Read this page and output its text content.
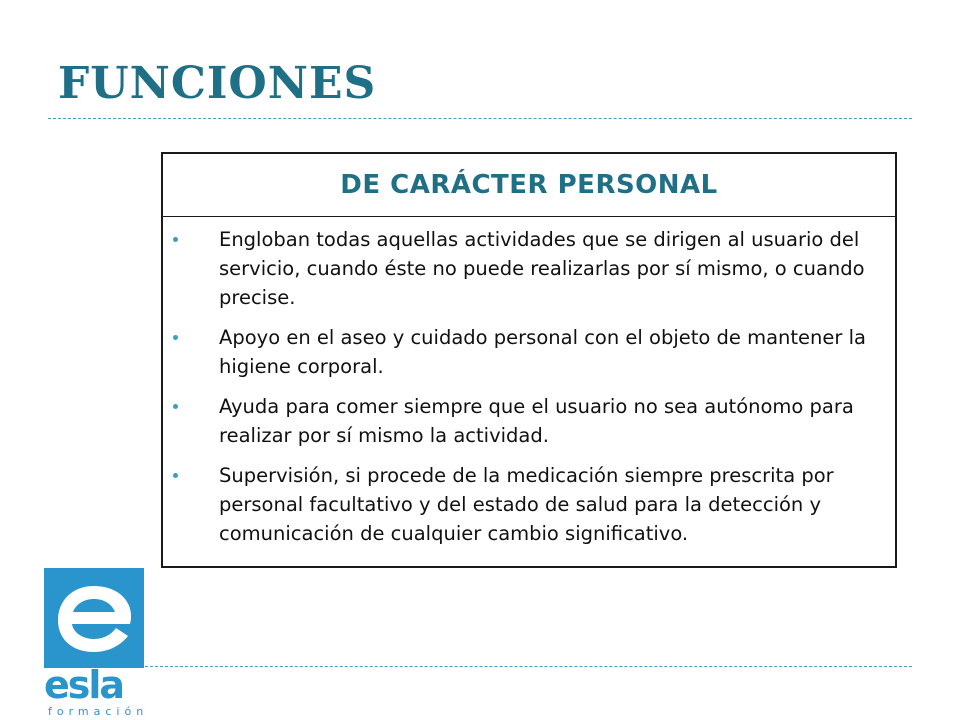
FUNCIONES
DE CARÁCTER PERSONAL
Engloban todas aquellas actividades que se dirigen al usuario del servicio, cuando éste no puede realizarlas por sí mismo, o cuando precise.
Apoyo en el aseo y cuidado personal con el objeto de mantener la higiene corporal.
Ayuda para comer siempre que el usuario no sea autónomo para realizar por sí mismo la actividad.
Supervisión, si procede de la medicación siempre prescrita por personal facultativo y del estado de salud para la detección y comunicación de cualquier cambio significativo.
esla
formación
